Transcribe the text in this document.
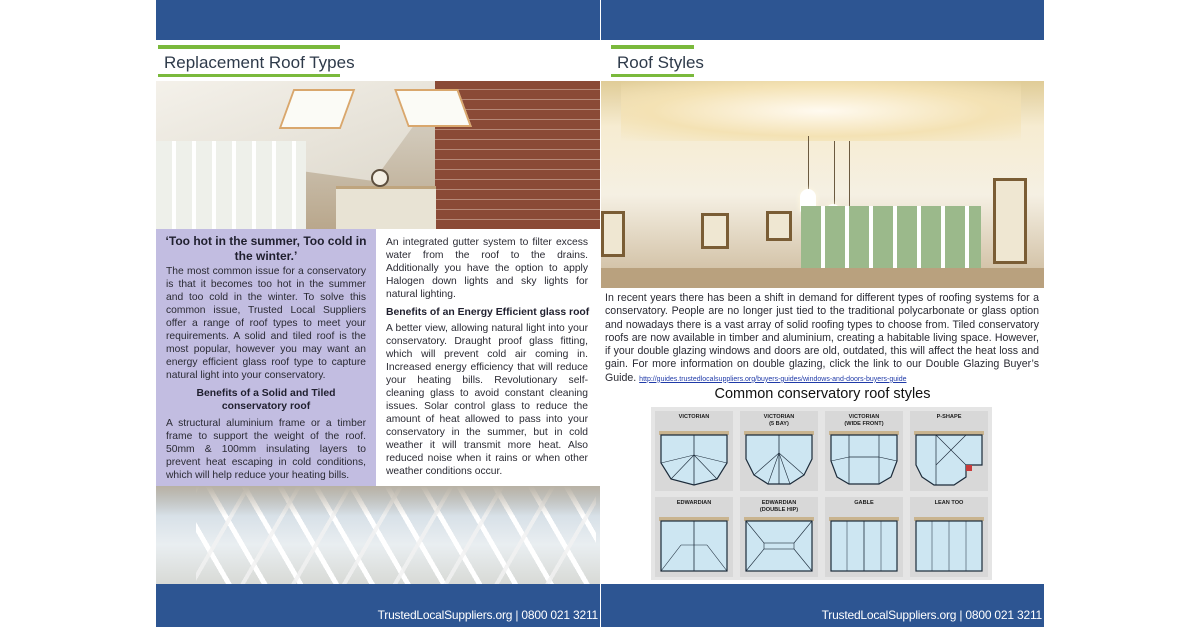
Replacement Roof Types
‘Too hot in the summer, Too cold in the winter.’
The most common issue for a conservatory is that it becomes too hot in the summer and too cold in the winter. To solve this common issue, Trusted Local Suppliers offer a range of roof types to meet your requirements. A solid and tiled roof is the most popular, however you may want an energy efficient glass roof type to capture natural light into your conservatory.
Benefits of a Solid and Tiled conservatory roof
A structural aluminium frame or a timber frame to support the weight of the roof. 50mm & 100mm insulating layers to prevent heat escaping in cold conditions, which will help reduce your heating bills.
An integrated gutter system to filter excess water from the roof to the drains. Additionally you have the option to apply Halogen down lights and sky lights for natural lighting.
Benefits of an Energy Efficient glass roof
A better view, allowing natural light into your conservatory. Draught proof glass fitting, which will prevent cold air coming in. Increased energy efficiency that will reduce your heating bills. Revolutionary self-cleaning glass to avoid constant cleaning issues. Solar control glass to reduce the amount of heat allowed to pass into your conservatory in the summer, but in cold weather it will transmit more heat. Also reduced noise when it rains or when other weather conditions occur.
TrustedLocalSuppliers.org | 0800 021 3211
Roof Styles
In recent years there has been a shift in demand for different types of roofing systems for a conservatory. People are no longer just tied to the traditional polycarbonate or glass option and nowadays there is a vast array of solid roofing types to choose from. Tiled conservatory roofs are now available in timber and aluminium, creating a habitable living space. However, if your double glazing windows and doors are old, outdated, this will affect the heat loss and gain. For more information on double glazing, click the link to our Double Glazing Buyer’s Guide. http://guides.trustedlocalsuppliers.org/buyers-guides/windows-and-doors-buyers-guide
Common conservatory roof styles
VICTORIAN	VICTORIAN
(5 BAY)
VICTORIAN
(WIDE FRONT)
P-SHAPE
EDWARDIAN	EDWARDIAN
(DOUBLE HIP)
GABLE	LEAN TOO
TrustedLocalSuppliers.org | 0800 021 3211
